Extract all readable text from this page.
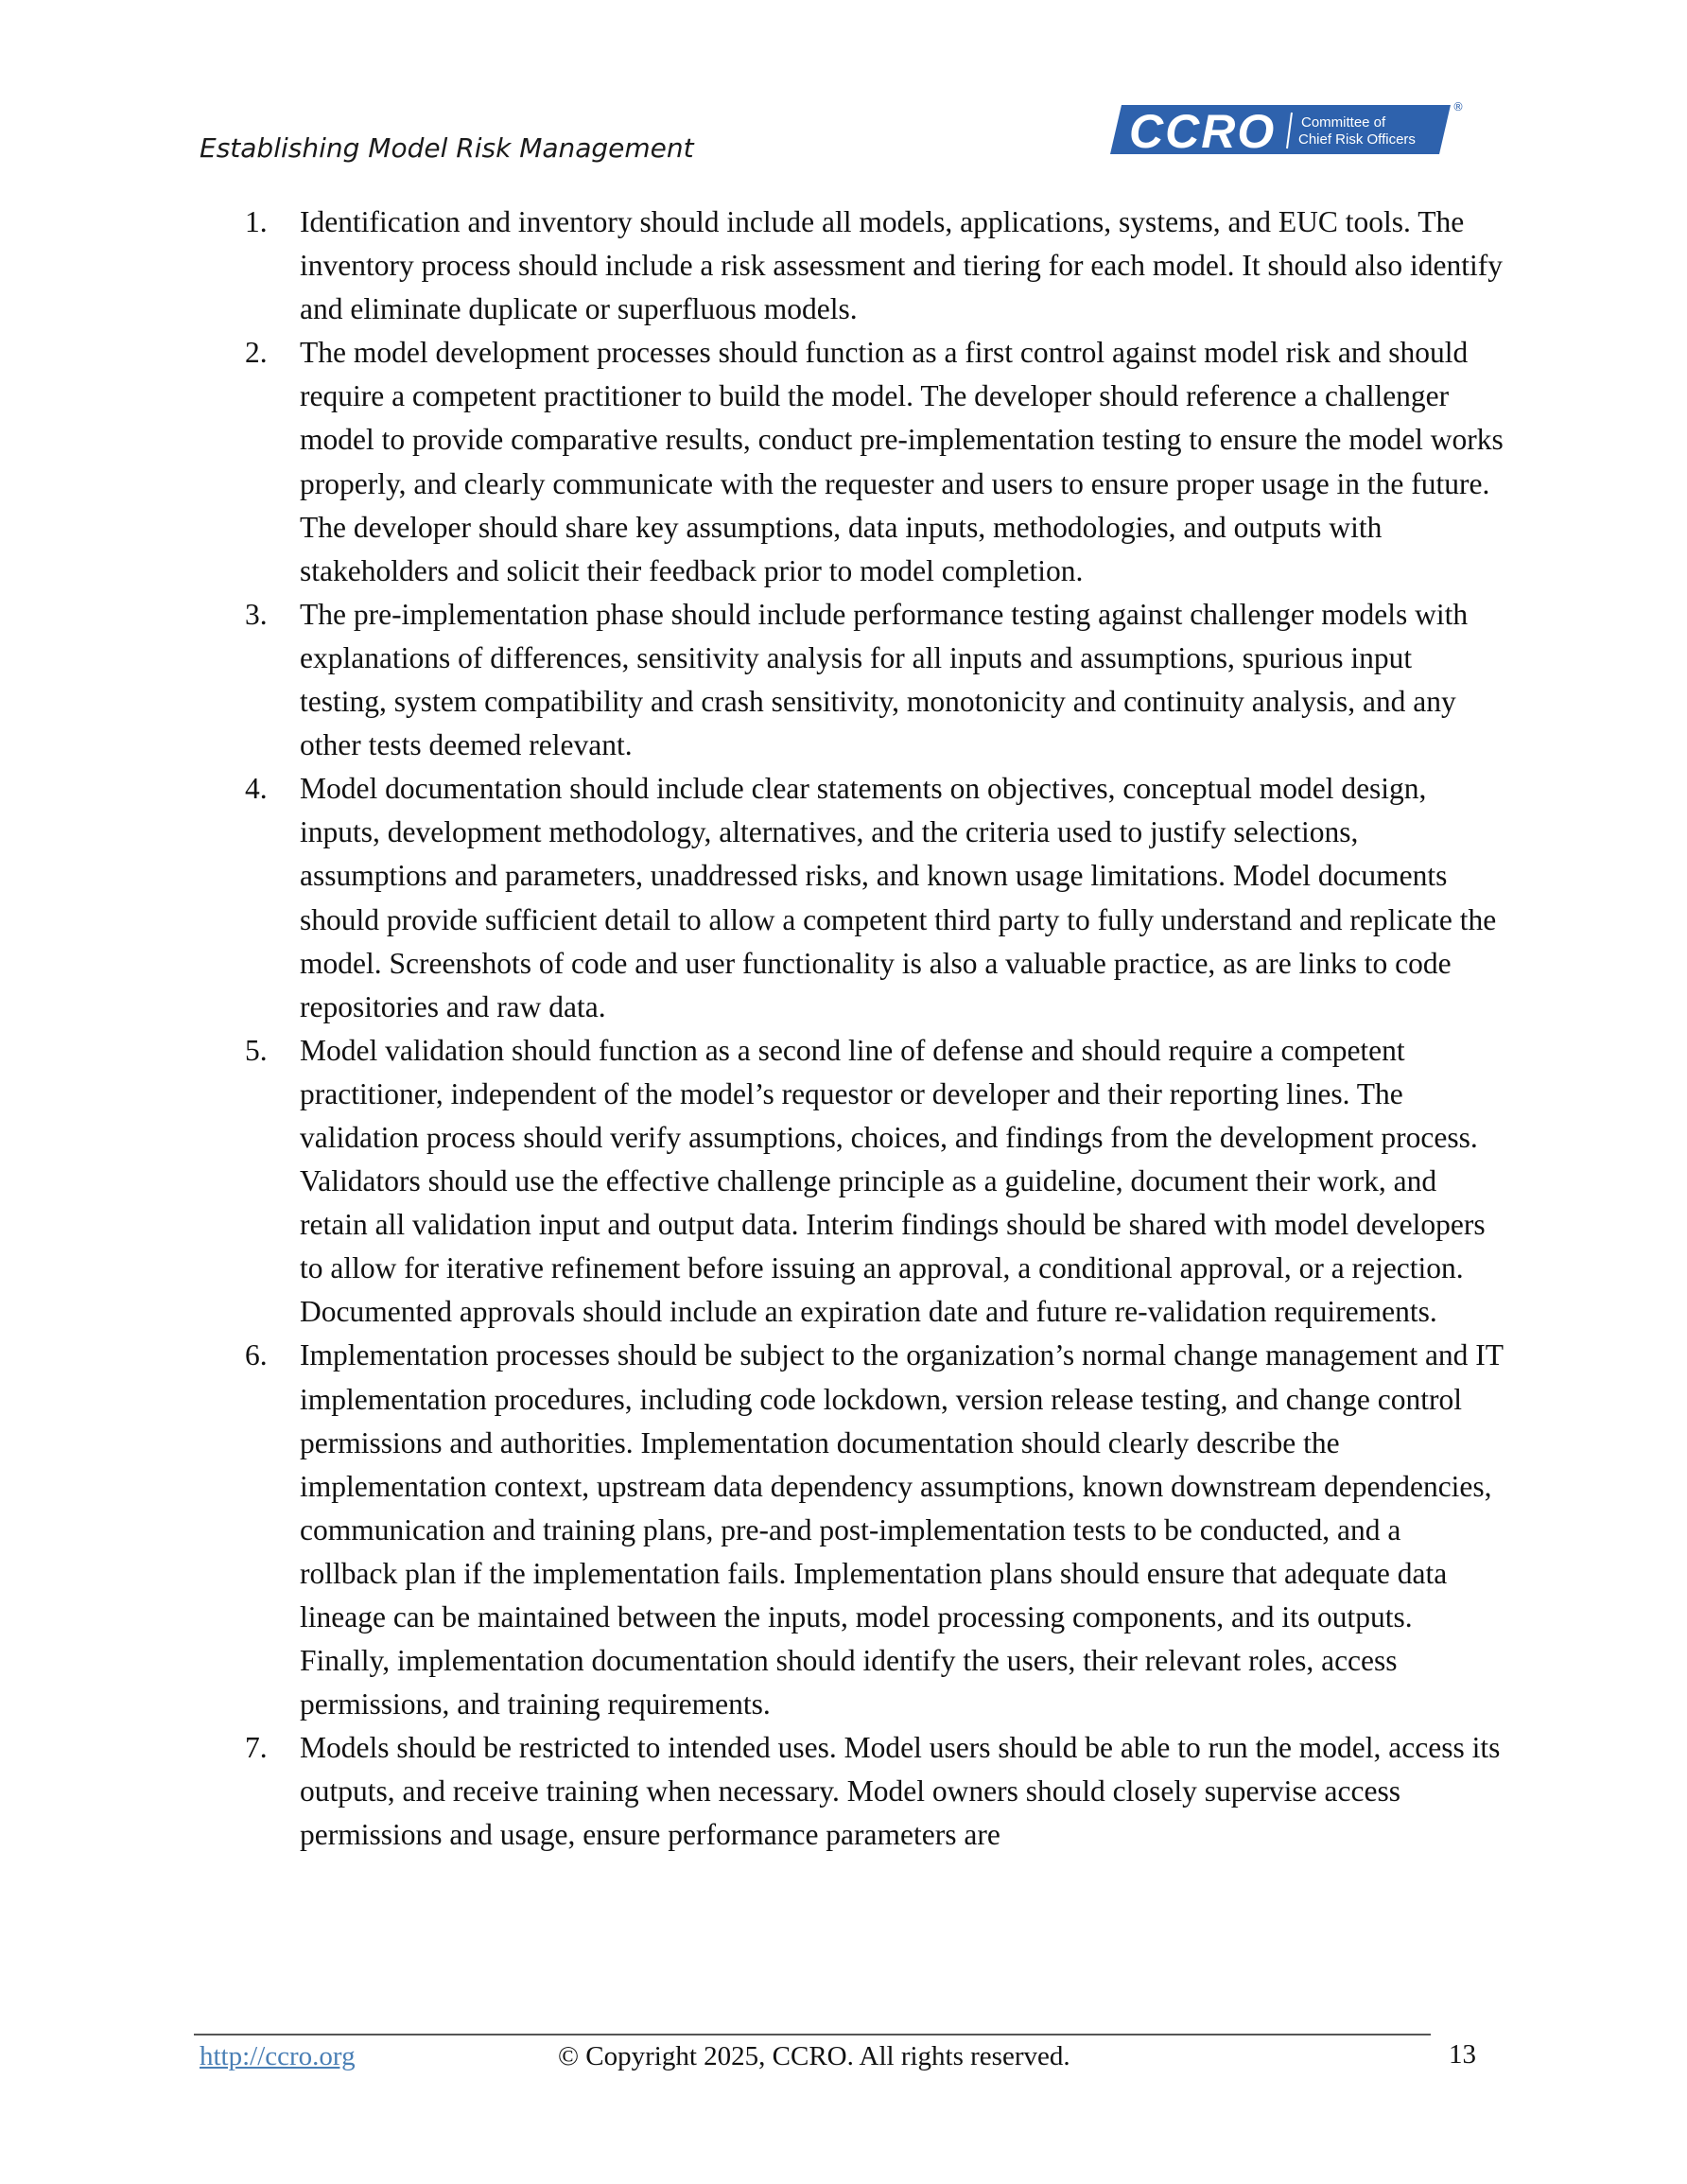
Establishing Model Risk Management	CCRO Committee of
Chief Risk Officers
®
1. Identification and inventory should include all models, applications, systems, and EUC tools. The inventory process should include a risk assessment and tiering for each model. It should also identify and eliminate duplicate or superfluous models.
2. The model development processes should function as a first control against model risk and should require a competent practitioner to build the model. The developer should reference a challenger model to provide comparative results, conduct pre-implementation testing to ensure the model works properly, and clearly communicate with the requester and users to ensure proper usage in the future. The developer should share key assumptions, data inputs, methodologies, and outputs with stakeholders and solicit their feedback prior to model completion.
3. The pre-implementation phase should include performance testing against challenger models with explanations of differences, sensitivity analysis for all inputs and assumptions, spurious input testing, system compatibility and crash sensitivity, monotonicity and continuity analysis, and any other tests deemed relevant.
4. Model documentation should include clear statements on objectives, conceptual model design, inputs, development methodology, alternatives, and the criteria used to justify selections, assumptions and parameters, unaddressed risks, and known usage limitations. Model documents should provide sufficient detail to allow a competent third party to fully understand and replicate the model. Screenshots of code and user functionality is also a valuable practice, as are links to code repositories and raw data.
5. Model validation should function as a second line of defense and should require a competent practitioner, independent of the model’s requestor or developer and their reporting lines. The validation process should verify assumptions, choices, and findings from the development process. Validators should use the effective challenge principle as a guideline, document their work, and retain all validation input and output data. Interim findings should be shared with model developers to allow for iterative refinement before issuing an approval, a conditional approval, or a rejection. Documented approvals should include an expiration date and future re-validation requirements.
6. Implementation processes should be subject to the organization’s normal change management and IT implementation procedures, including code lockdown, version release testing, and change control permissions and authorities. Implementation documentation should clearly describe the implementation context, upstream data dependency assumptions, known downstream dependencies, communication and training plans, pre-and post-implementation tests to be conducted, and a rollback plan if the implementation fails. Implementation plans should ensure that adequate data lineage can be maintained between the inputs, model processing components, and its outputs. Finally, implementation documentation should identify the users, their relevant roles, access permissions, and training requirements.
7. Models should be restricted to intended uses. Model users should be able to run the model, access its outputs, and receive training when necessary. Model owners should closely supervise access permissions and usage, ensure performance parameters are
http://ccro.org	© Copyright 2025, CCRO. All rights reserved.	13
